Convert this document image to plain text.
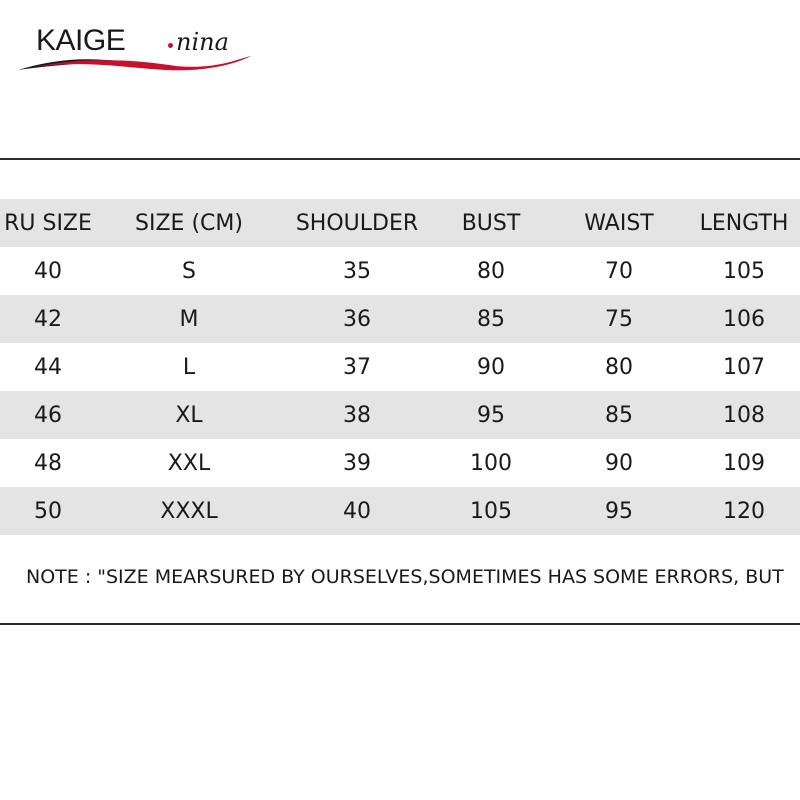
KAIGE nina
RU SIZE	SIZE (CM)	SHOULDER	BUST	WAIST	LENGTH
40	S	35	80	70	105
42	M	36	85	75	106
44	L	37	90	80	107
46	XL	38	95	85	108
48	XXL	39	100	90	109
50	XXXL	40	105	95	120
NOTE : "SIZE MEARSURED BY OURSELVES,SOMETIMES HAS SOME ERRORS, BUT
